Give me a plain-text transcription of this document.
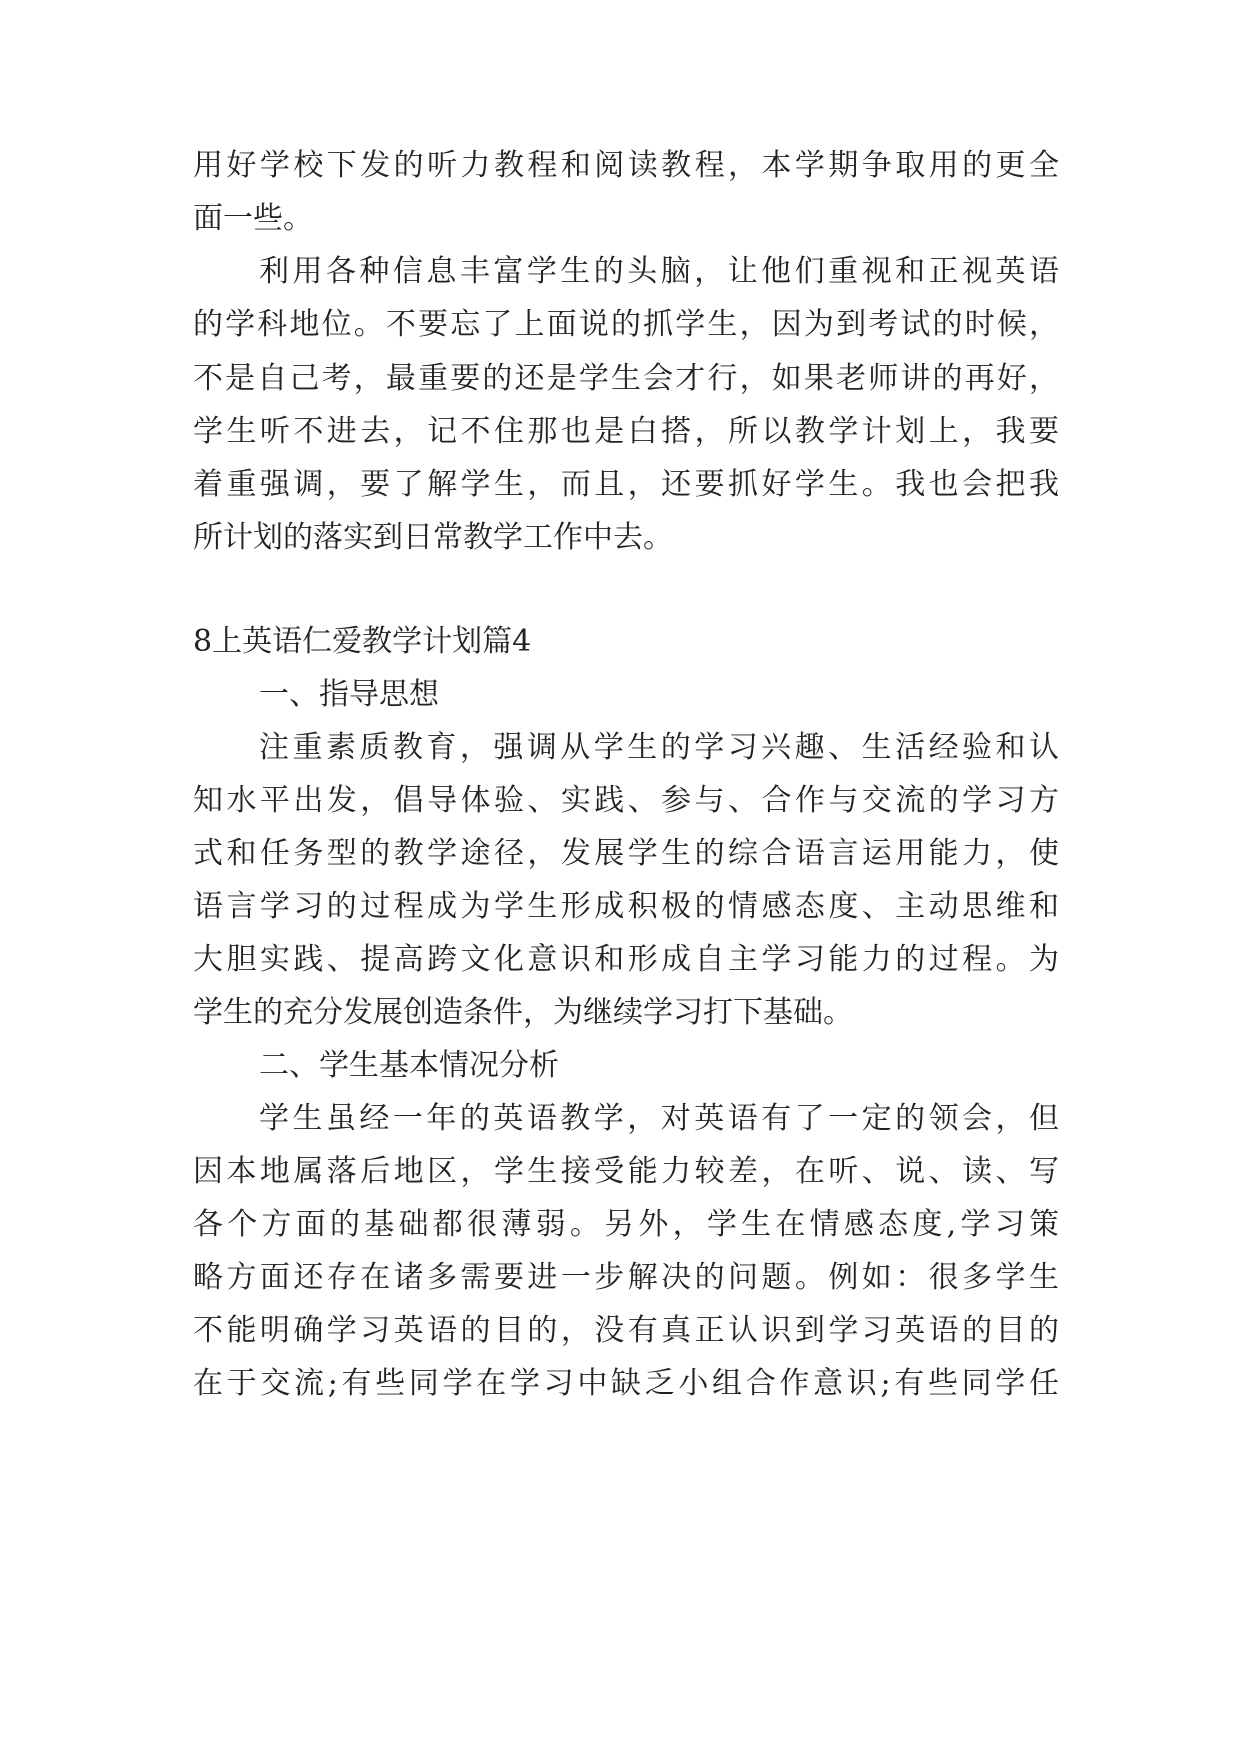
用好学校下发的听力教程和阅读教程，本学期争取用的更全
面一些。
利用各种信息丰富学生的头脑，让他们重视和正视英语
的学科地位。不要忘了上面说的抓学生，因为到考试的时候，
不是自己考，最重要的还是学生会才行，如果老师讲的再好，
学生听不进去，记不住那也是白搭，所以教学计划上，我要
着重强调，要了解学生，而且，还要抓好学生。我也会把我
所计划的落实到日常教学工作中去。
8上英语仁爱教学计划篇4
一、指导思想
注重素质教育，强调从学生的学习兴趣、生活经验和认
知水平出发，倡导体验、实践、参与、合作与交流的学习方
式和任务型的教学途径，发展学生的综合语言运用能力，使
语言学习的过程成为学生形成积极的情感态度、主动思维和
大胆实践、提高跨文化意识和形成自主学习能力的过程。为
学生的充分发展创造条件，为继续学习打下基础。
二、学生基本情况分析
学生虽经一年的英语教学，对英语有了一定的领会，但
因本地属落后地区，学生接受能力较差，在听、说、读、写
各个方面的基础都很薄弱。另外，学生在情感态度,学习策
略方面还存在诸多需要进一步解决的问题。例如：很多学生
不能明确学习英语的目的，没有真正认识到学习英语的目的
在于交流;有些同学在学习中缺乏小组合作意识;有些同学任
